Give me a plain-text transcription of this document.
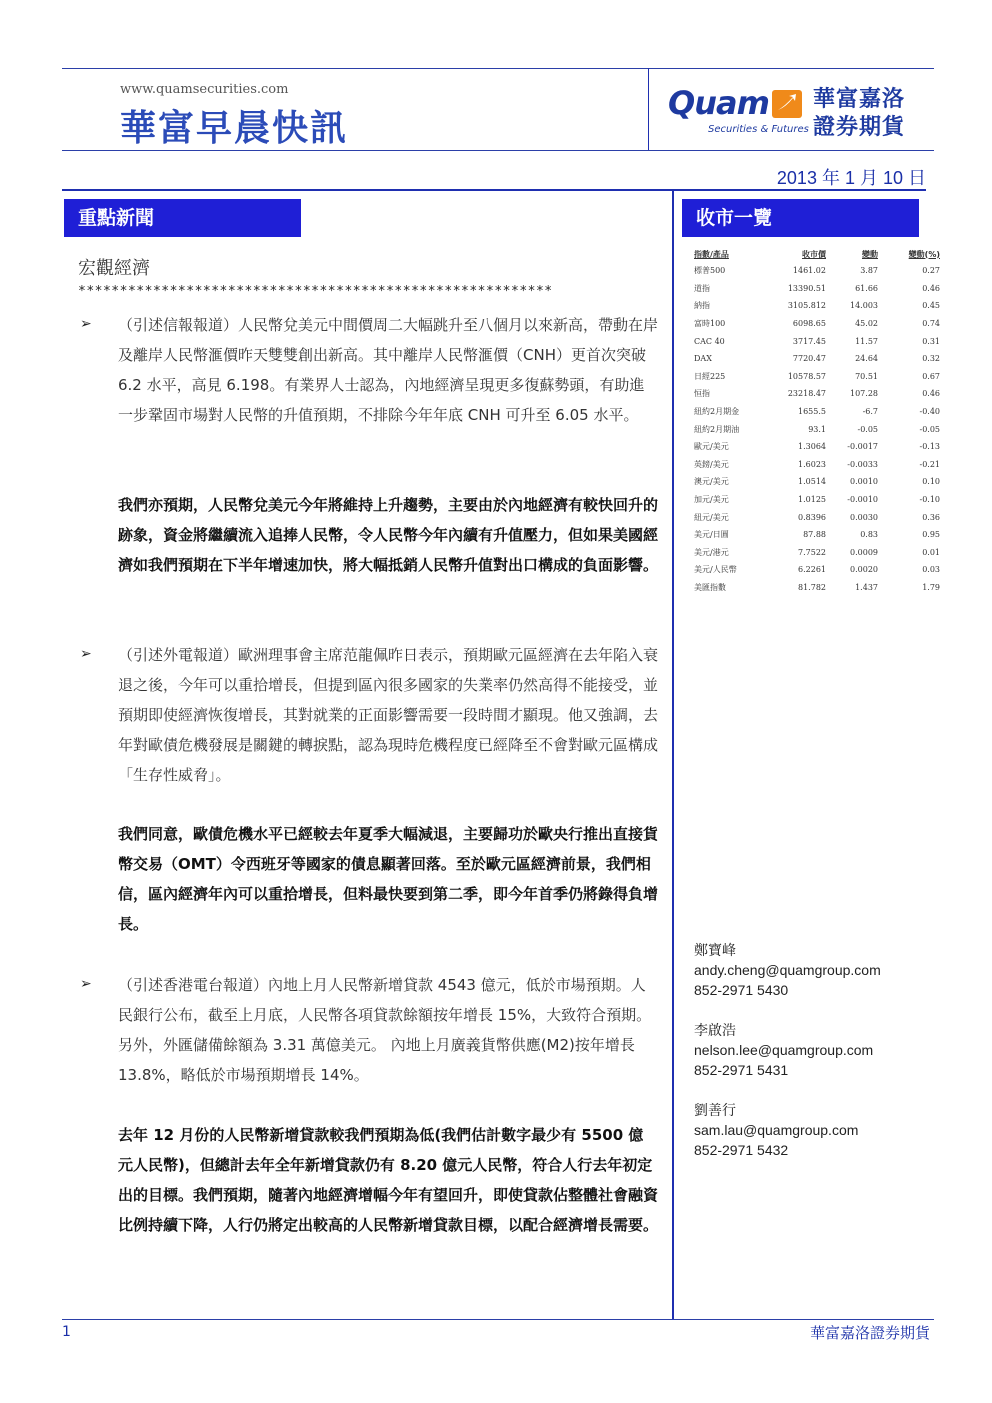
www.quamsecurities.com
華富早晨快訊
Quam 華富嘉洛
證券期貨
Securities & Futures
2013 年 1 月 10 日
重點新聞	收市一覽
宏觀經濟
*********************************************************
➢ （引述信報報道）人民幣兌美元中間價周二大幅跳升至八個月以來新高，帶動在岸及離岸人民幣滙價昨天雙雙創出新高。其中離岸人民幣滙價（CNH）更首次突破 6.2 水平，高見 6.198。有業界人士認為，內地經濟呈現更多復蘇勢頭，有助進一步鞏固市場對人民幣的升值預期，不排除今年年底 CNH 可升至 6.05 水平。
我們亦預期，人民幣兌美元今年將維持上升趨勢，主要由於內地經濟有較快回升的跡象，資金將繼續流入追捧人民幣，令人民幣今年內續有升值壓力，但如果美國經濟如我們預期在下半年增速加快，將大幅抵銷人民幣升值對出口構成的負面影響。
➢ （引述外電報道）歐洲理事會主席范龍佩昨日表示，預期歐元區經濟在去年陷入衰退之後，今年可以重拾增長，但提到區內很多國家的失業率仍然高得不能接受，並預期即使經濟恢復增長，其對就業的正面影響需要一段時間才顯現。他又強調，去年對歐債危機發展是關鍵的轉捩點，認為現時危機程度已經降至不會對歐元區構成「生存性威脅」。
我們同意，歐債危機水平已經較去年夏季大幅減退，主要歸功於歐央行推出直接貨幣交易（OMT）令西班牙等國家的債息顯著回落。至於歐元區經濟前景，我們相信，區內經濟年內可以重拾增長，但料最快要到第二季，即今年首季仍將錄得負增長。
➢ （引述香港電台報道）內地上月人民幣新增貸款 4543 億元，低於市場預期。人民銀行公布，截至上月底，人民幣各項貸款餘額按年增長 15%，大致符合預期。另外，外匯儲備餘額為 3.31 萬億美元。 內地上月廣義貨幣供應(M2)按年增長 13.8%，略低於市場預期增長 14%。
去年 12 月份的人民幣新增貸款較我們預期為低(我們估計數字最少有 5500 億元人民幣)，但總計去年全年新增貸款仍有 8.20 億元人民幣，符合人行去年初定出的目標。我們預期，隨著內地經濟增幅今年有望回升，即使貸款佔整體社會融資比例持續下降，人行仍將定出較高的人民幣新增貸款目標，以配合經濟增長需要。
指數/產品	收市價	變動	變動(%)
標普500	1461.02	3.87	0.27
道指	13390.51	61.66	0.46
納指	3105.812	14.003	0.45
富時100	6098.65	45.02	0.74
CAC 40	3717.45	11.57	0.31
DAX	7720.47	24.64	0.32
日經225	10578.57	70.51	0.67
恒指	23218.47	107.28	0.46
紐約2月期金	1655.5	-6.7	-0.40
紐約2月期油	93.1	-0.05	-0.05
歐元/美元	1.3064	-0.0017	-0.13
英鎊/美元	1.6023	-0.0033	-0.21
澳元/美元	1.0514	0.0010	0.10
加元/美元	1.0125	-0.0010	-0.10
紐元/美元	0.8396	0.0030	0.36
美元/日圓	87.88	0.83	0.95
美元/港元	7.7522	0.0009	0.01
美元/人民幣	6.2261	0.0020	0.03
美匯指數	81.782	1.437	1.79
鄭寶峰
andy.cheng@quamgroup.com
852-2971 5430
李啟浩
nelson.lee@quamgroup.com
852-2971 5431
劉善行
sam.lau@quamgroup.com
852-2971 5432
1	華富嘉洛證券期貨
